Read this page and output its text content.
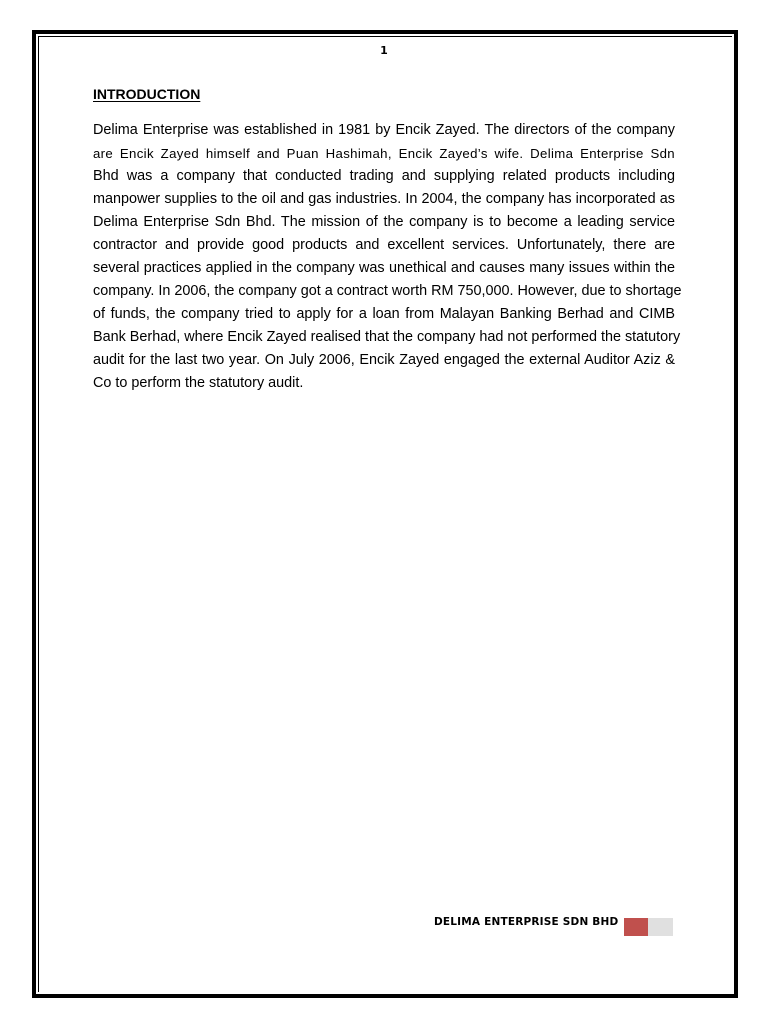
1
INTRODUCTION
Delima Enterprise was established in 1981 by Encik Zayed. The directors of the company
are Encik Zayed himself and Puan Hashimah, Encik Zayed’s wife. Delima Enterprise Sdn
Bhd was a company that conducted trading and supplying related products including
manpower supplies to the oil and gas industries. In 2004, the company has incorporated as
Delima Enterprise Sdn Bhd. The mission of the company is to become a leading service
contractor and provide good products and excellent services. Unfortunately, there are
several practices applied in the company was unethical and causes many issues within the
company. In 2006, the company got a contract worth RM 750,000. However, due to shortage
of funds, the company tried to apply for a loan from Malayan Banking Berhad and CIMB
Bank Berhad, where Encik Zayed realised that the company had not performed the statutory
audit for the last two year. On July 2006, Encik Zayed engaged the external Auditor Aziz &
Co to perform the statutory audit.
DELIMA ENTERPRISE SDN BHD
